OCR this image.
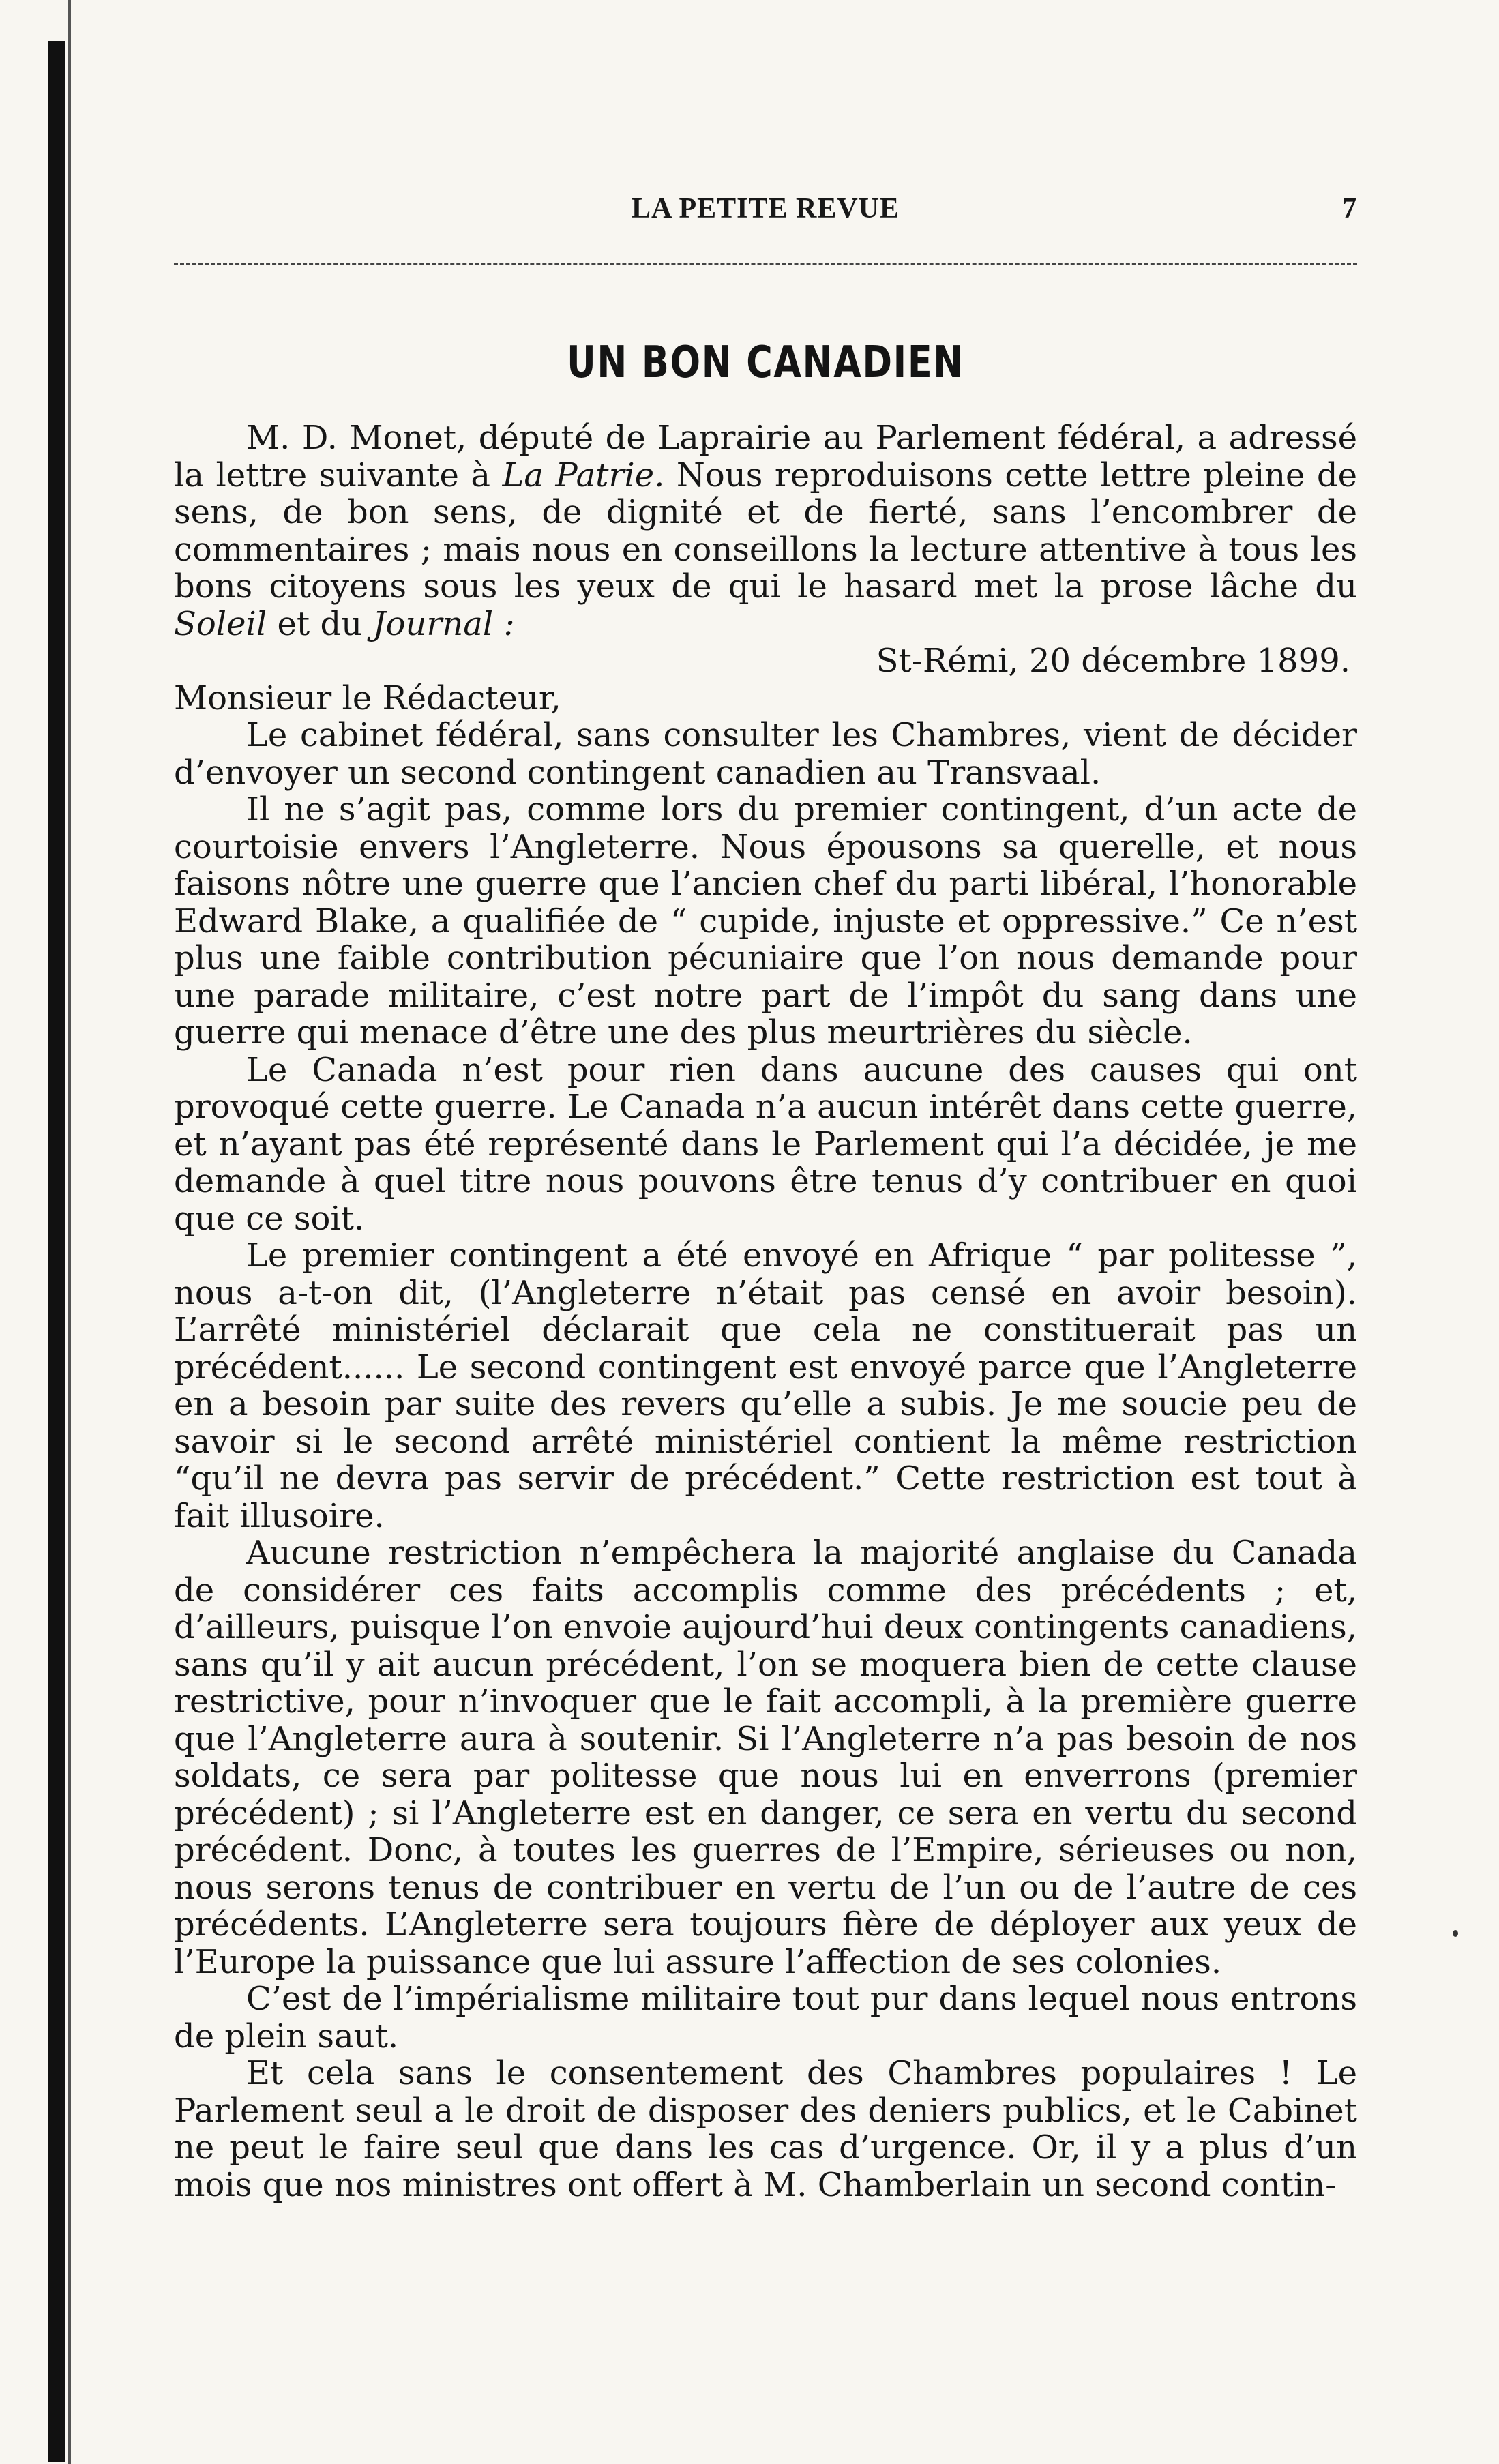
LA PETITE REVUE	7
UN BON CANADIEN

M. D. Monet, député de Laprairie au Parlement fédéral, a adressé la lettre suivante à La Patrie. Nous reproduisons cette lettre pleine de sens, de bon sens, de dignité et de fierté, sans l’encombrer de commentaires ; mais nous en conseillons la lecture attentive à tous les bons citoyens sous les yeux de qui le hasard met la prose lâche du Soleil et du Journal :

St-Rémi, 20 décembre 1899.

Monsieur le Rédacteur,

Le cabinet fédéral, sans consulter les Chambres, vient de décider d’envoyer un second contingent canadien au Transvaal.

Il ne s’agit pas, comme lors du premier contingent, d’un acte de courtoisie envers l’Angleterre. Nous épousons sa querelle, et nous faisons nôtre une guerre que l’ancien chef du parti libéral, l’honorable Edward Blake, a qualifiée de “ cupide, injuste et oppressive.” Ce n’est plus une faible contribution pécuniaire que l’on nous demande pour une parade militaire, c’est notre part de l’impôt du sang dans une guerre qui menace d’être une des plus meurtrières du siècle.

Le Canada n’est pour rien dans aucune des causes qui ont provoqué cette guerre. Le Canada n’a aucun intérêt dans cette guerre, et n’ayant pas été représenté dans le Parlement qui l’a décidée, je me demande à quel titre nous pouvons être tenus d’y contribuer en quoi que ce soit.

Le premier contingent a été envoyé en Afrique “ par politesse ”, nous a-t-on dit, (l’Angleterre n’était pas censé en avoir besoin). L’arrêté ministériel déclarait que cela ne constituerait pas un précédent...... Le second contingent est envoyé parce que l’Angleterre en a besoin par suite des revers qu’elle a subis. Je me soucie peu de savoir si le second arrêté ministériel contient la même restriction “qu’il ne devra pas servir de précédent.” Cette restriction est tout à fait illusoire.

Aucune restriction n’empêchera la majorité anglaise du Canada de considérer ces faits accomplis comme des précédents ; et, d’ailleurs, puisque l’on envoie aujourd’hui deux contingents canadiens, sans qu’il y ait aucun précédent, l’on se moquera bien de cette clause restrictive, pour n’invoquer que le fait accompli, à la première guerre que l’Angleterre aura à soutenir. Si l’Angleterre n’a pas besoin de nos soldats, ce sera par politesse que nous lui en enverrons (premier précédent) ; si l’Angleterre est en danger, ce sera en vertu du second précédent. Donc, à toutes les guerres de l’Empire, sérieuses ou non, nous serons tenus de contribuer en vertu de l’un ou de l’autre de ces précédents. L’Angleterre sera toujours fière de déployer aux yeux de l’Europe la puissance que lui assure l’affection de ses colonies.

C’est de l’impérialisme militaire tout pur dans lequel nous entrons de plein saut.

Et cela sans le consentement des Chambres populaires ! Le Parlement seul a le droit de disposer des deniers publics, et le Cabinet ne peut le faire seul que dans les cas d’urgence. Or, il y a plus d’un mois que nos ministres ont offert à M. Chamberlain un second contin-
